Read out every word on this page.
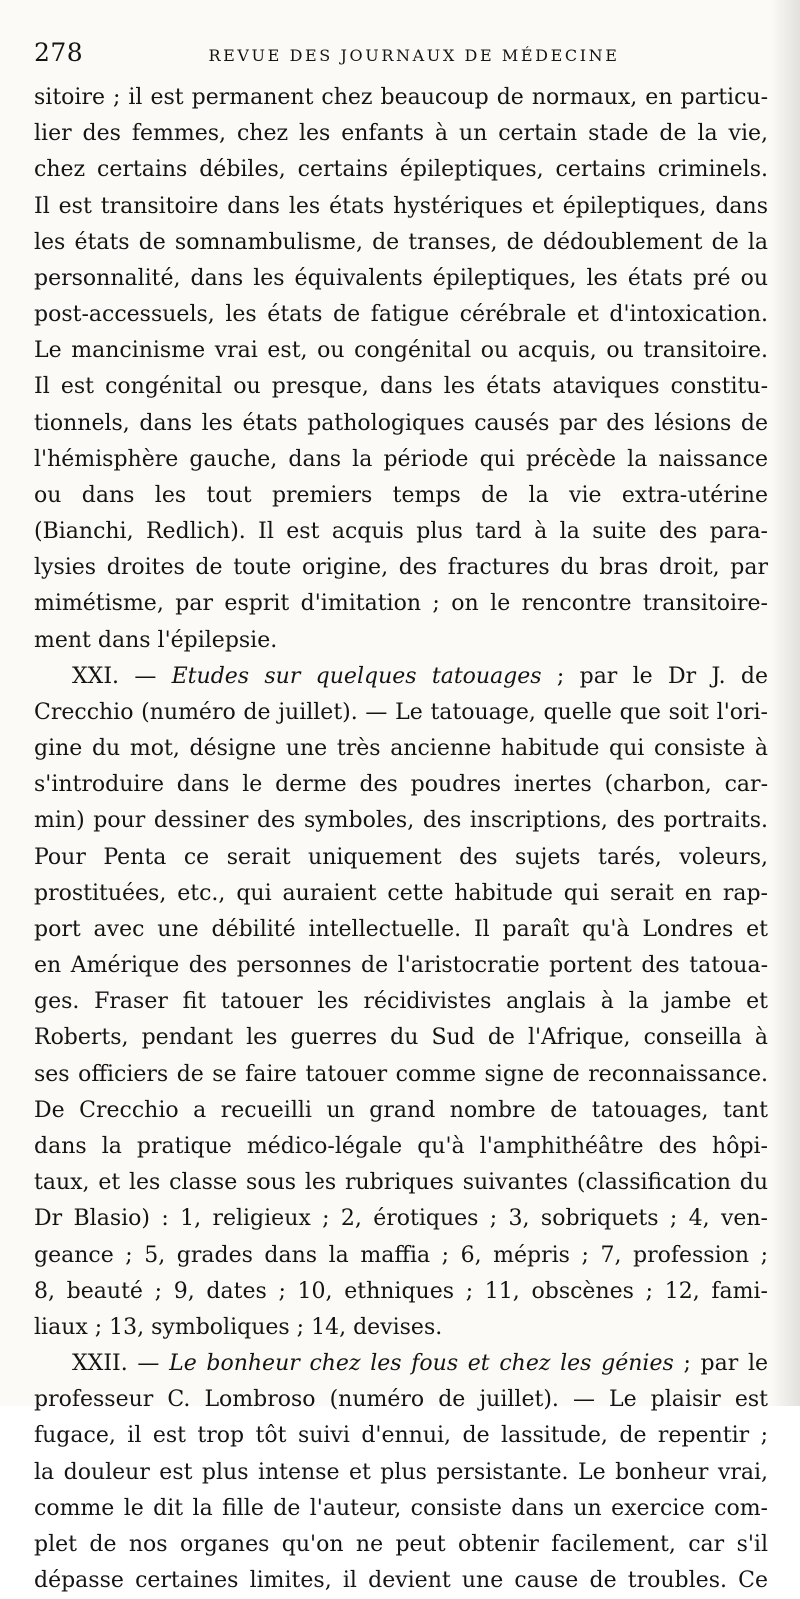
278	REVUE DES JOURNAUX DE MÉDECINE
sitoire ; il est permanent chez beaucoup de normaux, en particu-
lier des femmes, chez les enfants à un certain stade de la vie,
chez certains débiles, certains épileptiques, certains criminels.
Il est transitoire dans les états hystériques et épileptiques, dans
les états de somnambulisme, de transes, de dédoublement de la
personnalité, dans les équivalents épileptiques, les états pré ou
post-accessuels, les états de fatigue cérébrale et d'intoxication.
Le mancinisme vrai est, ou congénital ou acquis, ou transitoire.
Il est congénital ou presque, dans les états ataviques constitu-
tionnels, dans les états pathologiques causés par des lésions de
l'hémisphère gauche, dans la période qui précède la naissance
ou dans les tout premiers temps de la vie extra-utérine
(Bianchi, Redlich). Il est acquis plus tard à la suite des para-
lysies droites de toute origine, des fractures du bras droit, par
mimétisme, par esprit d'imitation ; on le rencontre transitoire-
ment dans l'épilepsie.
XXI. — Etudes sur quelques tatouages ; par le Dr J. de
Crecchio (numéro de juillet). — Le tatouage, quelle que soit l'ori-
gine du mot, désigne une très ancienne habitude qui consiste à
s'introduire dans le derme des poudres inertes (charbon, car-
min) pour dessiner des symboles, des inscriptions, des portraits.
Pour Penta ce serait uniquement des sujets tarés, voleurs,
prostituées, etc., qui auraient cette habitude qui serait en rap-
port avec une débilité intellectuelle. Il paraît qu'à Londres et
en Amérique des personnes de l'aristocratie portent des tatoua-
ges. Fraser fit tatouer les récidivistes anglais à la jambe et
Roberts, pendant les guerres du Sud de l'Afrique, conseilla à
ses officiers de se faire tatouer comme signe de reconnaissance.
De Crecchio a recueilli un grand nombre de tatouages, tant
dans la pratique médico-légale qu'à l'amphithéâtre des hôpi-
taux, et les classe sous les rubriques suivantes (classification du
Dr Blasio) : 1, religieux ; 2, érotiques ; 3, sobriquets ; 4, ven-
geance ; 5, grades dans la maffia ; 6, mépris ; 7, profession ;
8, beauté ; 9, dates ; 10, ethniques ; 11, obscènes ; 12, fami-
liaux ; 13, symboliques ; 14, devises.
XXII. — Le bonheur chez les fous et chez les génies ; par le
professeur C. Lombroso (numéro de juillet). — Le plaisir est
fugace, il est trop tôt suivi d'ennui, de lassitude, de repentir ;
la douleur est plus intense et plus persistante. Le bonheur vrai,
comme le dit la fille de l'auteur, consiste dans un exercice com-
plet de nos organes qu'on ne peut obtenir facilement, car s'il
dépasse certaines limites, il devient une cause de troubles. Ce
